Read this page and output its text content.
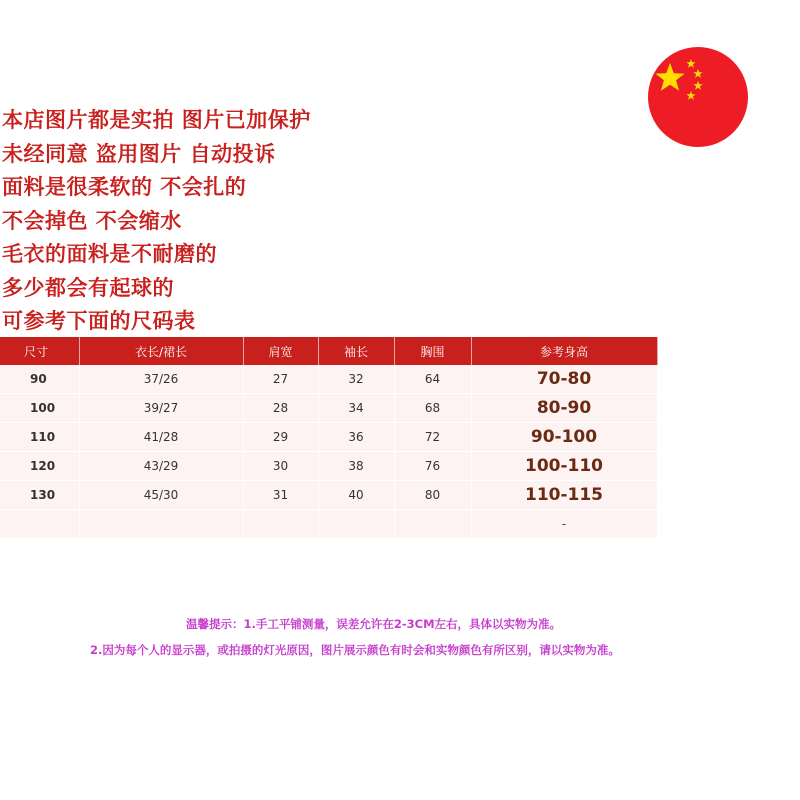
本店图片都是实拍 图片已加保护
未经同意 盗用图片 自动投诉
面料是很柔软的 不会扎的
不会掉色 不会缩水
毛衣的面料是不耐磨的
多少都会有起球的
可参考下面的尺码表
尺寸	衣长/裙长	肩宽	袖长	胸围	参考身高
90	37/26	27	32	64	70-80
100	39/27	28	34	68	80-90
110	41/28	29	36	72	90-100
120	43/29	30	38	76	100-110
130	45/30	31	40	80	110-115
					-
温馨提示：1.手工平铺测量，误差允许在2-3CM左右，具体以实物为准。
2.因为每个人的显示器，或拍摄的灯光原因，图片展示颜色有时会和实物颜色有所区别，请以实物为准。
